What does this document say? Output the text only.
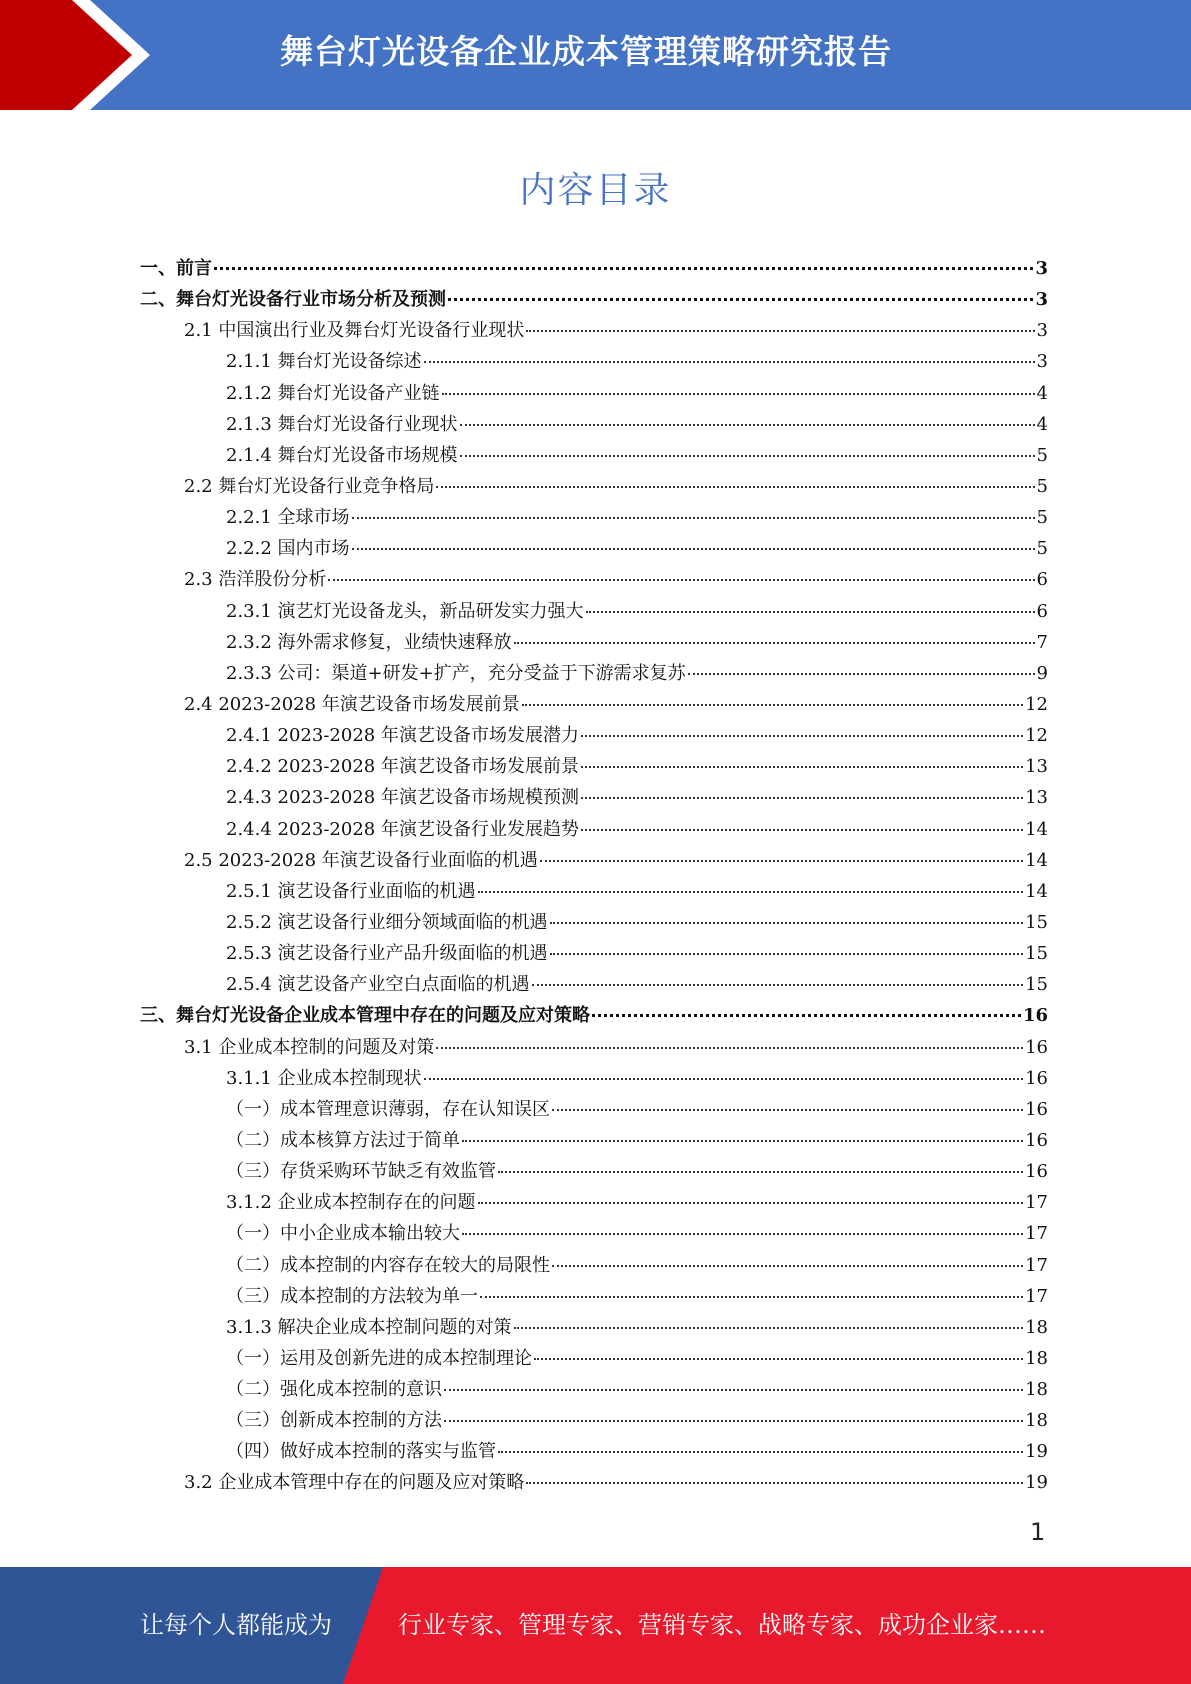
舞台灯光设备企业成本管理策略研究报告
内容目录
一、前言	3
二、舞台灯光设备行业市场分析及预测	3
2.1 中国演出行业及舞台灯光设备行业现状	3
2.1.1 舞台灯光设备综述	3
2.1.2 舞台灯光设备产业链	4
2.1.3 舞台灯光设备行业现状	4
2.1.4 舞台灯光设备市场规模	5
2.2 舞台灯光设备行业竞争格局	5
2.2.1 全球市场	5
2.2.2 国内市场	5
2.3 浩洋股份分析	6
2.3.1 演艺灯光设备龙头，新品研发实力强大	6
2.3.2 海外需求修复，业绩快速释放	7
2.3.3 公司：渠道+研发+扩产，充分受益于下游需求复苏	9
2.4 2023-2028 年演艺设备市场发展前景	12
2.4.1 2023-2028 年演艺设备市场发展潜力	12
2.4.2 2023-2028 年演艺设备市场发展前景	13
2.4.3 2023-2028 年演艺设备市场规模预测	13
2.4.4 2023-2028 年演艺设备行业发展趋势	14
2.5 2023-2028 年演艺设备行业面临的机遇	14
2.5.1 演艺设备行业面临的机遇	14
2.5.2 演艺设备行业细分领域面临的机遇	15
2.5.3 演艺设备行业产品升级面临的机遇	15
2.5.4 演艺设备产业空白点面临的机遇	15
三、舞台灯光设备企业成本管理中存在的问题及应对策略	16
3.1 企业成本控制的问题及对策	16
3.1.1 企业成本控制现状	16
（一）成本管理意识薄弱，存在认知误区	16
（二）成本核算方法过于简单	16
（三）存货采购环节缺乏有效监管	16
3.1.2 企业成本控制存在的问题	17
（一）中小企业成本输出较大	17
（二）成本控制的内容存在较大的局限性	17
（三）成本控制的方法较为单一	17
3.1.3 解决企业成本控制问题的对策	18
（一）运用及创新先进的成本控制理论	18
（二）强化成本控制的意识	18
（三）创新成本控制的方法	18
（四）做好成本控制的落实与监管	19
3.2 企业成本管理中存在的问题及应对策略	19
1
让每个人都能成为	行业专家、管理专家、营销专家、战略专家、成功企业家……
